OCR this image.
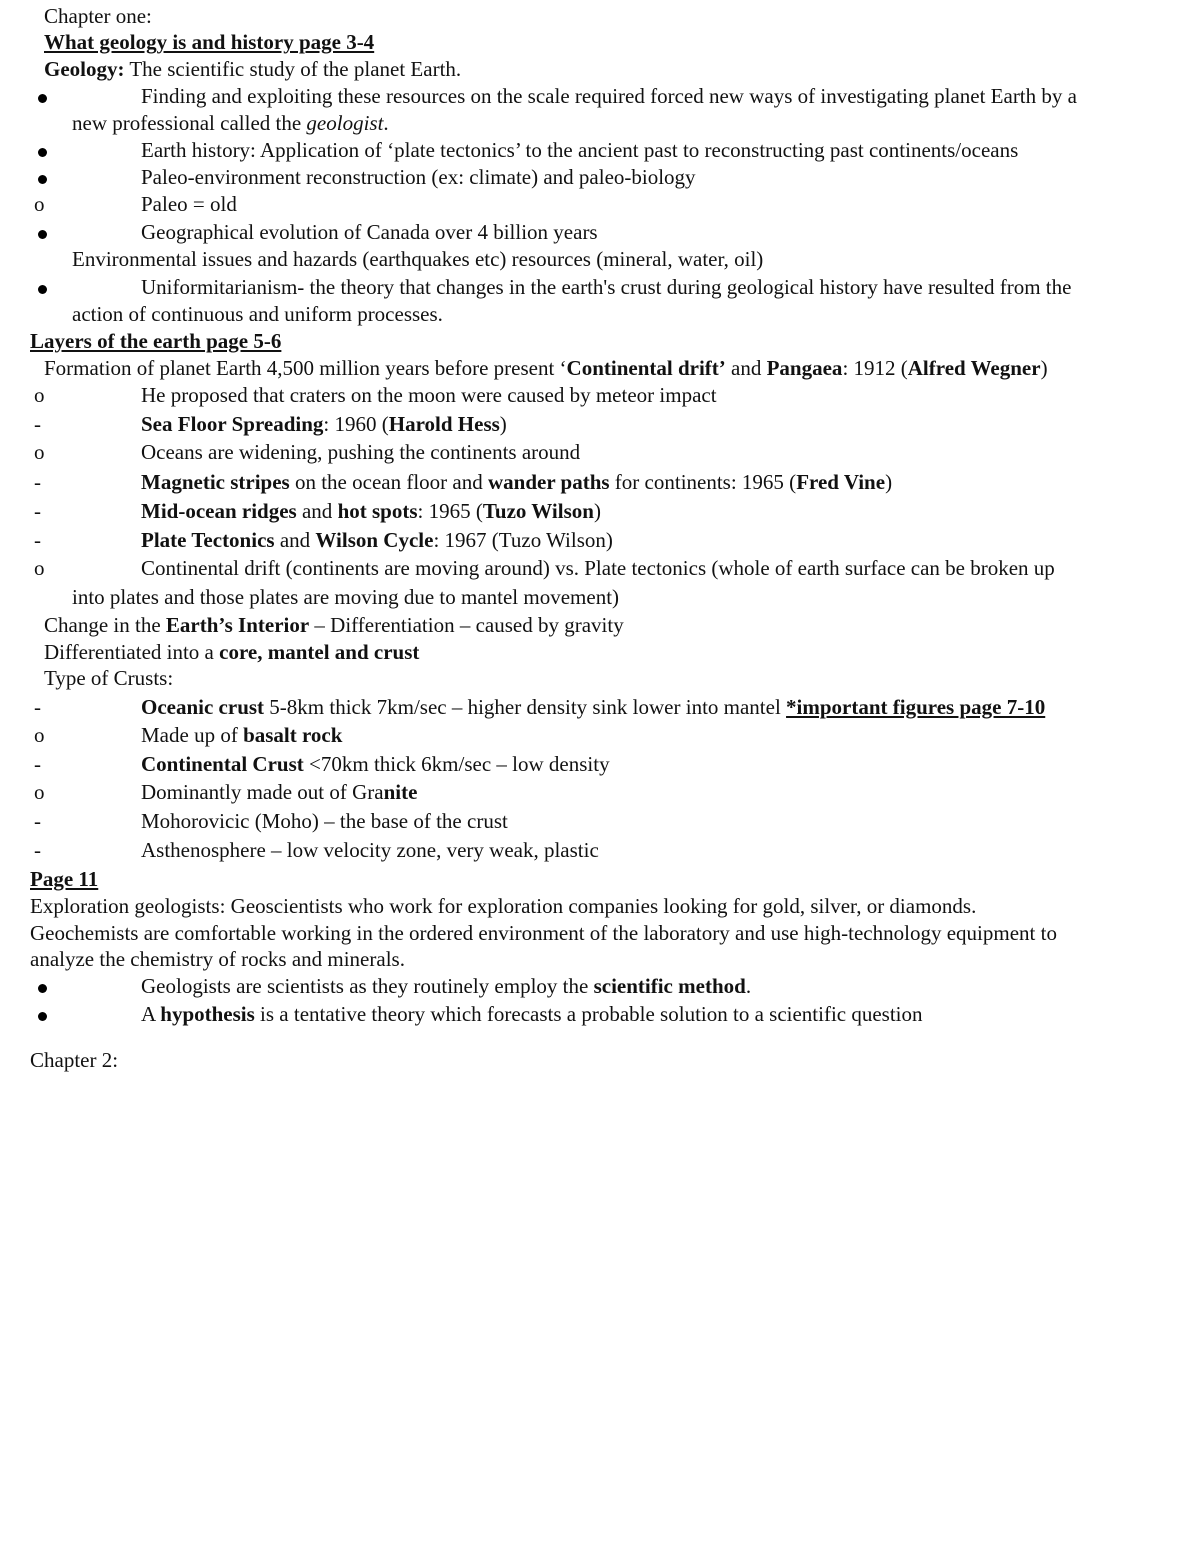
Chapter one:
What geology is and history page 3-4
Geology: The scientific study of the planet Earth.
Finding and exploiting these resources on the scale required forced new ways of investigating planet Earth by a
new professional called the geologist.
Earth history: Application of ‘plate tectonics’ to the ancient past to reconstructing past continents/oceans
Paleo-environment reconstruction (ex: climate) and paleo-biology
o	Paleo = old
Geographical evolution of Canada over 4 billion years
Environmental issues and hazards (earthquakes etc) resources (mineral, water, oil)
Uniformitarianism- the theory that changes in the earth's crust during geological history have resulted from the
action of continuous and uniform processes.
Layers of the earth page 5-6
Formation of planet Earth 4,500 million years before present ‘Continental drift’ and Pangaea: 1912 (Alfred Wegner)
o	He proposed that craters on the moon were caused by meteor impact
-	Sea Floor Spreading: 1960 (Harold Hess)
o	Oceans are widening, pushing the continents around
-	Magnetic stripes on the ocean floor and wander paths for continents: 1965 (Fred Vine)
-	Mid-ocean ridges and hot spots: 1965 (Tuzo Wilson)
-	Plate Tectonics and Wilson Cycle: 1967 (Tuzo Wilson)
o	Continental drift (continents are moving around) vs. Plate tectonics (whole of earth surface can be broken up
into plates and those plates are moving due to mantel movement)
Change in the Earth’s Interior – Differentiation – caused by gravity
Differentiated into a core, mantel and crust
Type of Crusts:
-	Oceanic crust 5-8km thick 7km/sec – higher density sink lower into mantel *important figures page 7-10
o	Made up of basalt rock
-	Continental Crust <70km thick 6km/sec – low density
o	Dominantly made out of Granite
-	Mohorovicic (Moho) – the base of the crust
-	Asthenosphere – low velocity zone, very weak, plastic
Page 11
Exploration geologists: Geoscientists who work for exploration companies looking for gold, silver, or diamonds.
Geochemists are comfortable working in the ordered environment of the laboratory and use high-technology equipment to
analyze the chemistry of rocks and minerals.
Geologists are scientists as they routinely employ the scientific method.
A hypothesis is a tentative theory which forecasts a probable solution to a scientific question
Chapter 2:
